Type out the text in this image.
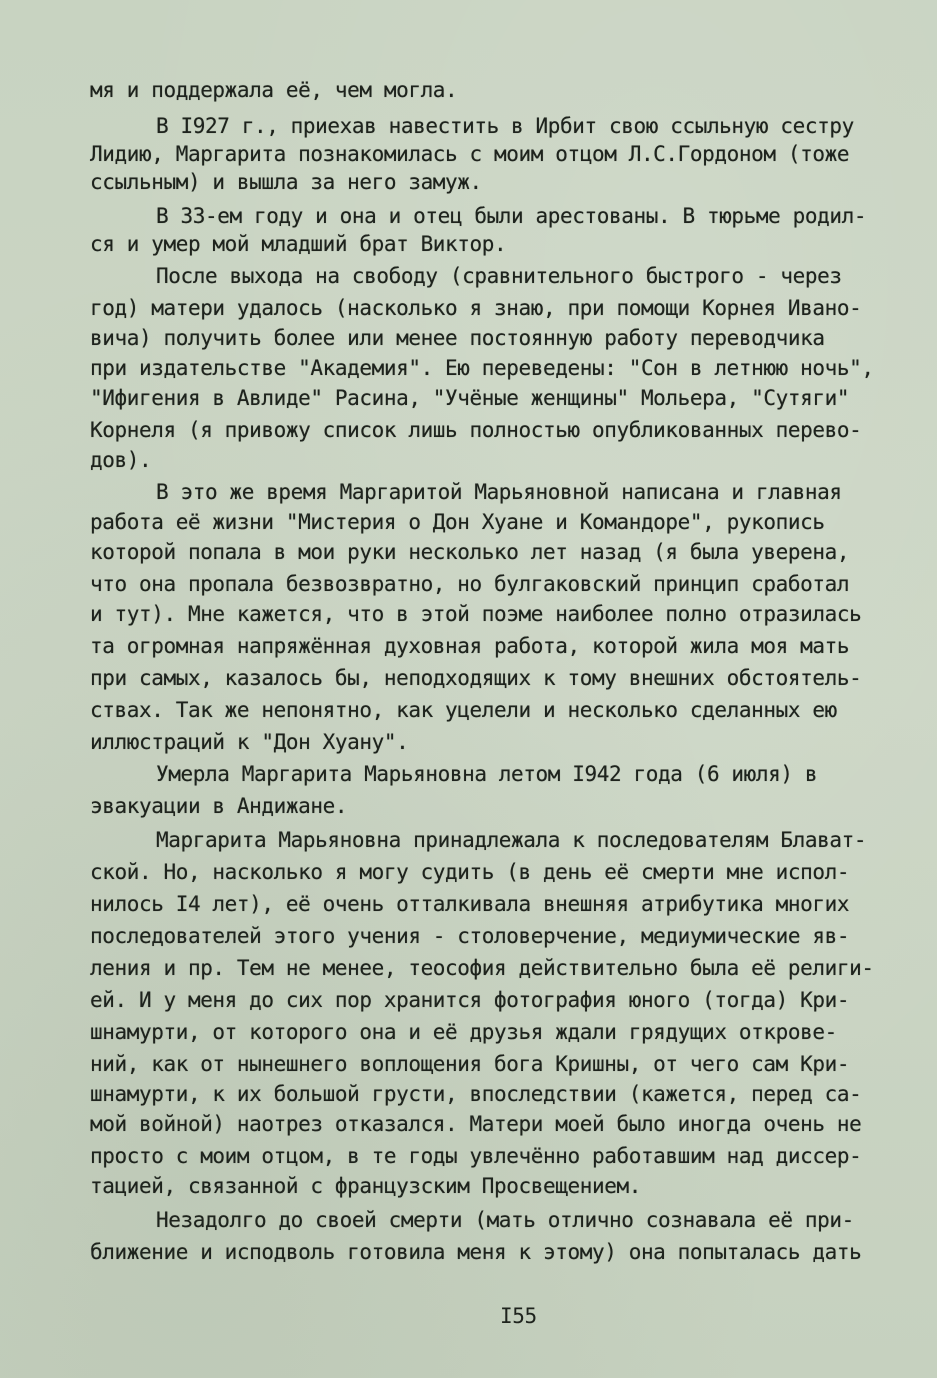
мя и поддержала её, чем могла.
В I927 г., приехав навестить в Ирбит свою ссыльную сестру
Лидию, Маргарита познакомилась с моим отцом Л.С.Гордоном (тоже
ссыльным) и вышла за него замуж.
В 33-ем году и она и отец были арестованы. В тюрьме родил-
ся и умер мой младший брат Виктор.
После выхода на свободу (сравнительного быстрого - через
год) матери удалось (насколько я знаю, при помощи Корнея Ивано-
вича) получить более или менее постоянную работу переводчика
при издательстве "Академия". Ею переведены: "Сон в летнюю ночь",
"Ифигения в Авлиде" Расина, "Учёные женщины" Мольера, "Сутяги"
Корнеля (я привожу список лишь полностью опубликованных перево-
дов).
В это же время Маргаритой Марьяновной написана и главная
работа её жизни "Мистерия о Дон Хуане и Командоре", рукопись
которой попала в мои руки несколько лет назад (я была уверена,
что она пропала безвозвратно, но булгаковский принцип сработал
и тут). Мне кажется, что в этой поэме наиболее полно отразилась
та огромная напряжённая духовная работа, которой жила моя мать
при самых, казалось бы, неподходящих к тому внешних обстоятель-
ствах. Так же непонятно, как уцелели и несколько сделанных ею
иллюстраций к "Дон Хуану".
Умерла Маргарита Марьяновна летом I942 года (6 июля) в
эвакуации в Андижане.
Маргарита Марьяновна принадлежала к последователям Блават-
ской. Но, насколько я могу судить (в день её смерти мне испол-
нилось I4 лет), её очень отталкивала внешняя атрибутика многих
последователей этого учения - столоверчение, медиумические яв-
ления и пр. Тем не менее, теософия действительно была её религи-
ей. И у меня до сих пор хранится фотография юного (тогда) Кри-
шнамурти, от которого она и её друзья ждали грядущих открове-
ний, как от нынешнего воплощения бога Кришны, от чего сам Кри-
шнамурти, к их большой грусти, впоследствии (кажется, перед са-
мой войной) наотрез отказался. Матери моей было иногда очень не
просто с моим отцом, в те годы увлечённо работавшим над диссер-
тацией, связанной с французским Просвещением.
Незадолго до своей смерти (мать отлично сознавала её при-
ближение и исподволь готовила меня к этому) она попыталась дать
I55
